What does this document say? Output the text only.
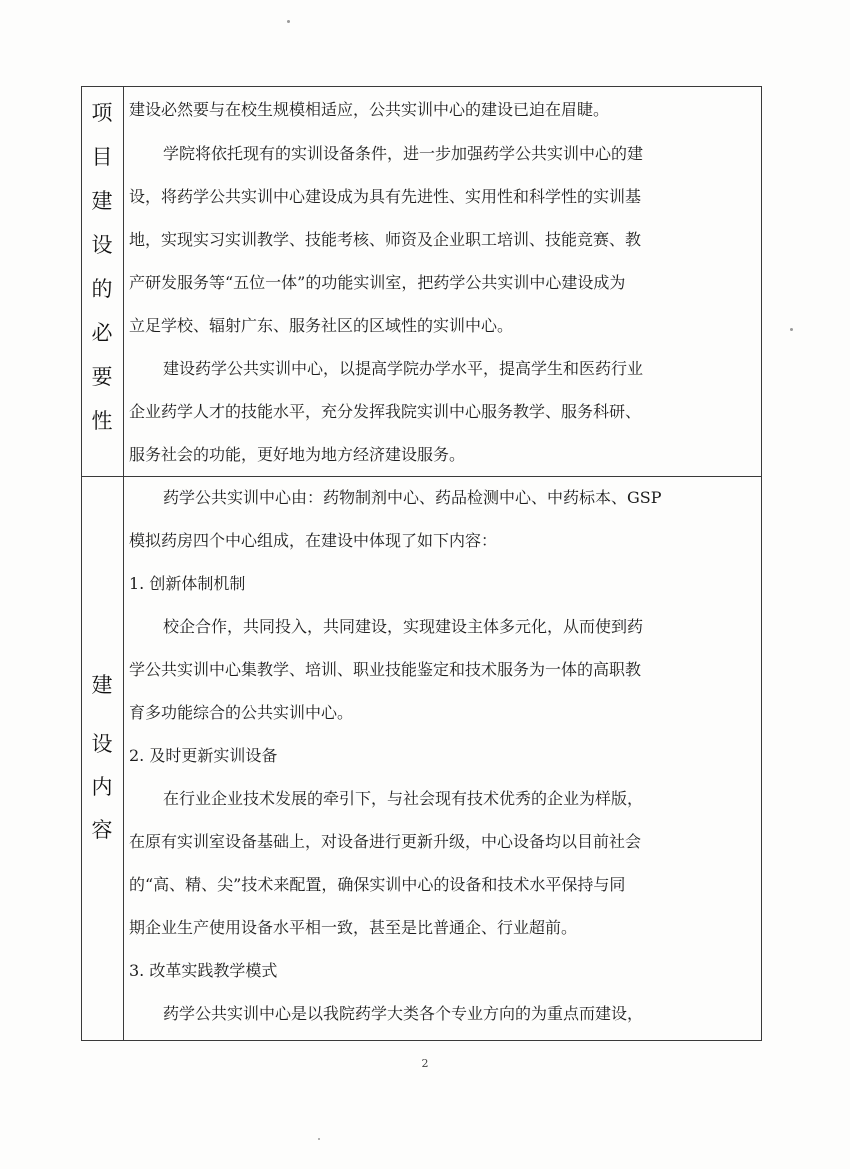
项
目
建
设
的
必
要
性
建设必然要与在校生规模相适应，公共实训中心的建设已迫在眉睫。
学院将依托现有的实训设备条件，进一步加强药学公共实训中心的建
设，将药学公共实训中心建设成为具有先进性、实用性和科学性的实训基
地，实现实习实训教学、技能考核、师资及企业职工培训、技能竞赛、教
产研发服务等“五位一体”的功能实训室，把药学公共实训中心建设成为
立足学校、辐射广东、服务社区的区域性的实训中心。
建设药学公共实训中心，以提高学院办学水平，提高学生和医药行业
企业药学人才的技能水平，充分发挥我院实训中心服务教学、服务科研、
服务社会的功能，更好地为地方经济建设服务。
建
设
内
容
药学公共实训中心由：药物制剂中心、药品检测中心、中药标本、GSP
模拟药房四个中心组成，在建设中体现了如下内容：
1. 创新体制机制
校企合作，共同投入，共同建设，实现建设主体多元化，从而使到药
学公共实训中心集教学、培训、职业技能鉴定和技术服务为一体的高职教
育多功能综合的公共实训中心。
2. 及时更新实训设备
在行业企业技术发展的牵引下，与社会现有技术优秀的企业为样版，
在原有实训室设备基础上，对设备进行更新升级，中心设备均以目前社会
的“高、精、尖”技术来配置，确保实训中心的设备和技术水平保持与同
期企业生产使用设备水平相一致，甚至是比普通企、行业超前。
3. 改革实践教学模式
药学公共实训中心是以我院药学大类各个专业方向的为重点而建设，
2
